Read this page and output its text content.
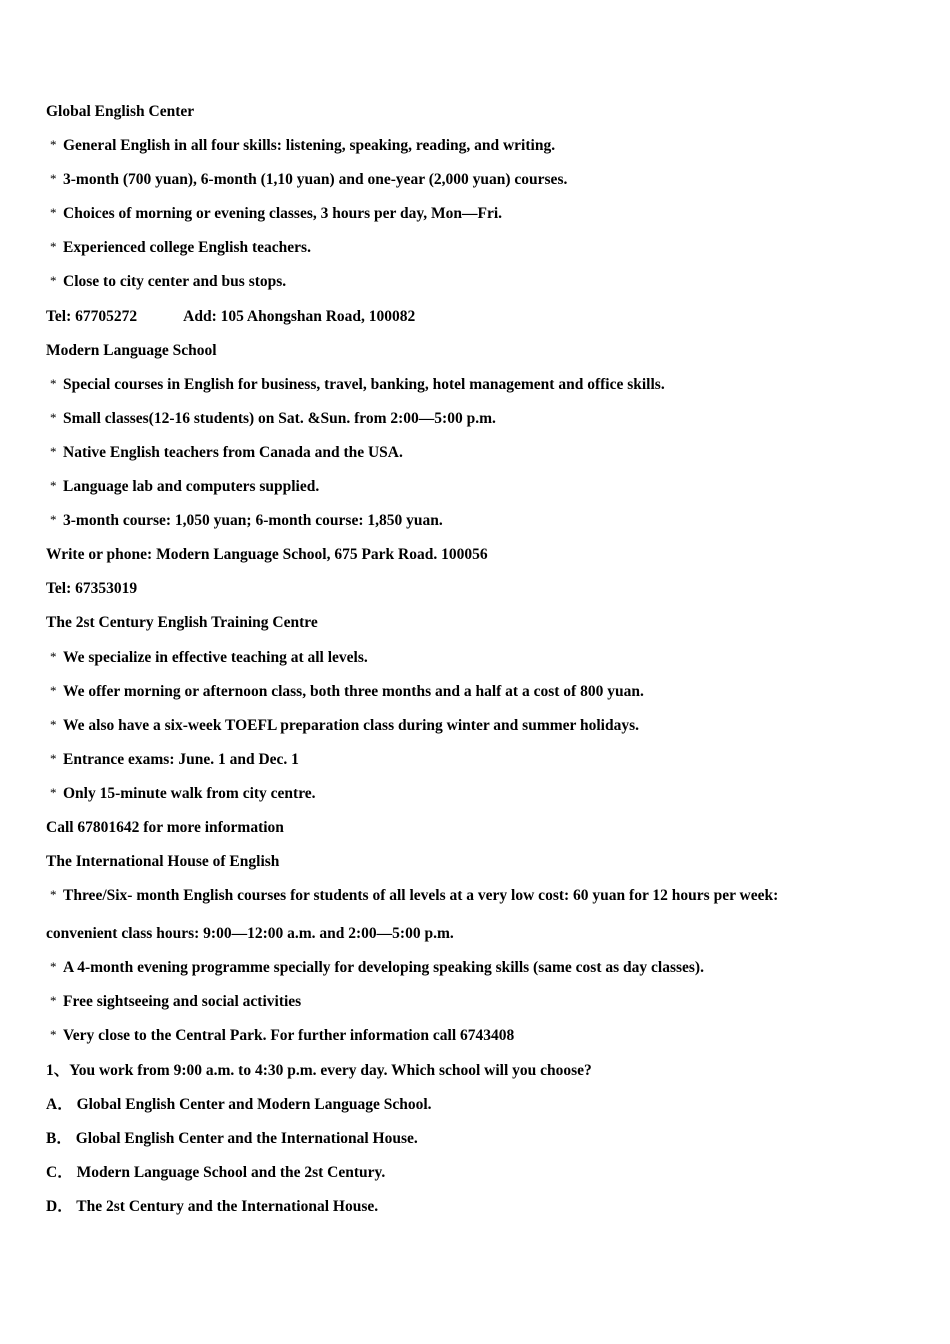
Global English Center
* General English in all four skills: listening, speaking, reading, and writing.
* 3-month (700 yuan), 6-month (1,10 yuan) and one-year (2,000 yuan) courses.
* Choices of morning or evening classes, 3 hours per day, Mon—Fri.
* Experienced college English teachers.
* Close to city center and bus stops.
Tel: 67705272	Add: 105 Ahongshan Road, 100082
Modern Language School
* Special courses in English for business, travel, banking, hotel management and office skills.
* Small classes(12-16 students) on Sat. &Sun. from 2:00—5:00 p.m.
* Native English teachers from Canada and the USA.
* Language lab and computers supplied.
* 3-month course: 1,050 yuan; 6-month course: 1,850 yuan.
Write or phone: Modern Language School, 675 Park Road. 100056
Tel: 67353019
The 2st Century English Training Centre
* We specialize in effective teaching at all levels.
* We offer morning or afternoon class, both three months and a half at a cost of 800 yuan.
* We also have a six-week TOEFL preparation class during winter and summer holidays.
* Entrance exams: June. 1 and Dec. 1
* Only 15-minute walk from city centre.
Call 67801642 for more information
The International House of English
* Three/Six- month English courses for students of all levels at a very low cost: 60 yuan for 12 hours per week:
convenient class hours: 9:00—12:00 a.m. and 2:00—5:00 p.m.
* A 4-month evening programme specially for developing speaking skills (same cost as day classes).
* Free sightseeing and social activities
* Very close to the Central Park. For further information call 6743408
1、You work from 9:00 a.m. to 4:30 p.m. every day. Which school will you choose?
A． Global English Center and Modern Language School.
B． Global English Center and the International House.
C． Modern Language School and the 2st Century.
D． The 2st Century and the International House.
